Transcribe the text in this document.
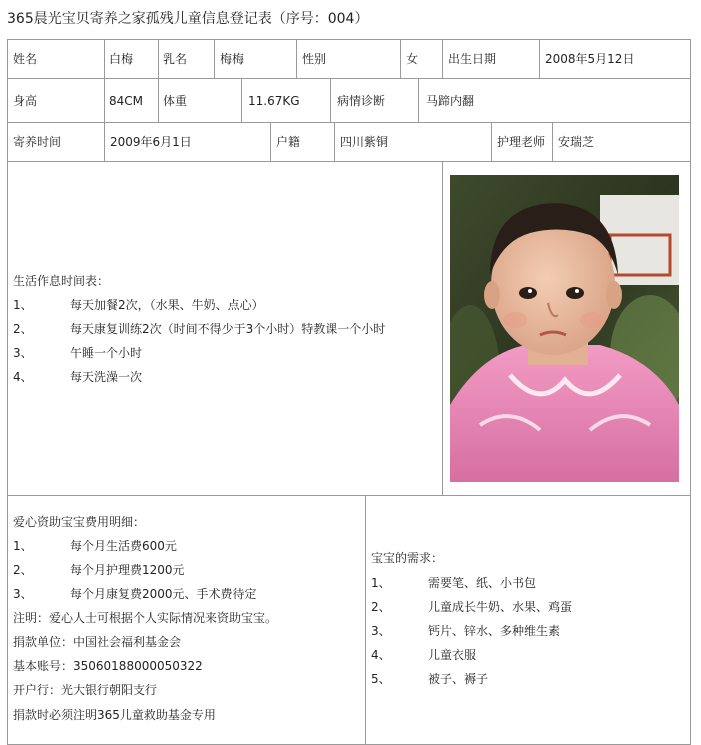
365晨光宝贝寄养之家孤残儿童信息登记表（序号：004）
姓名	白梅 乳名	梅梅	性别	女 出生日期	2008年5月12日
身高	84CM 体重	11.67KG	病情诊断	马蹄内翻
寄养时间	2009年6月1日	户籍	四川紫铜	护理老师 安瑞芝
生活作息时间表：
1、	每天加餐2次，（水果、牛奶、点心）
2、	每天康复训练2次（时间不得少于3个小时）特教课一个小时
3、	午睡一个小时
4、	每天洗澡一次
爱心资助宝宝费用明细：
1、	每个月生活费600元
2、	每个月护理费1200元
3、	每个月康复费2000元、手术费待定
注明：爱心人士可根据个人实际情况来资助宝宝。
捐款单位：中国社会福利基金会
基本账号：35060188000050322
开户行：光大银行朝阳支行
捐款时必须注明365儿童救助基金专用
宝宝的需求：
1、	需要笔、纸、小书包
2、	儿童成长牛奶、水果、鸡蛋
3、	钙片、锌水、多种维生素
4、	儿童衣服
5、	被子、褥子
